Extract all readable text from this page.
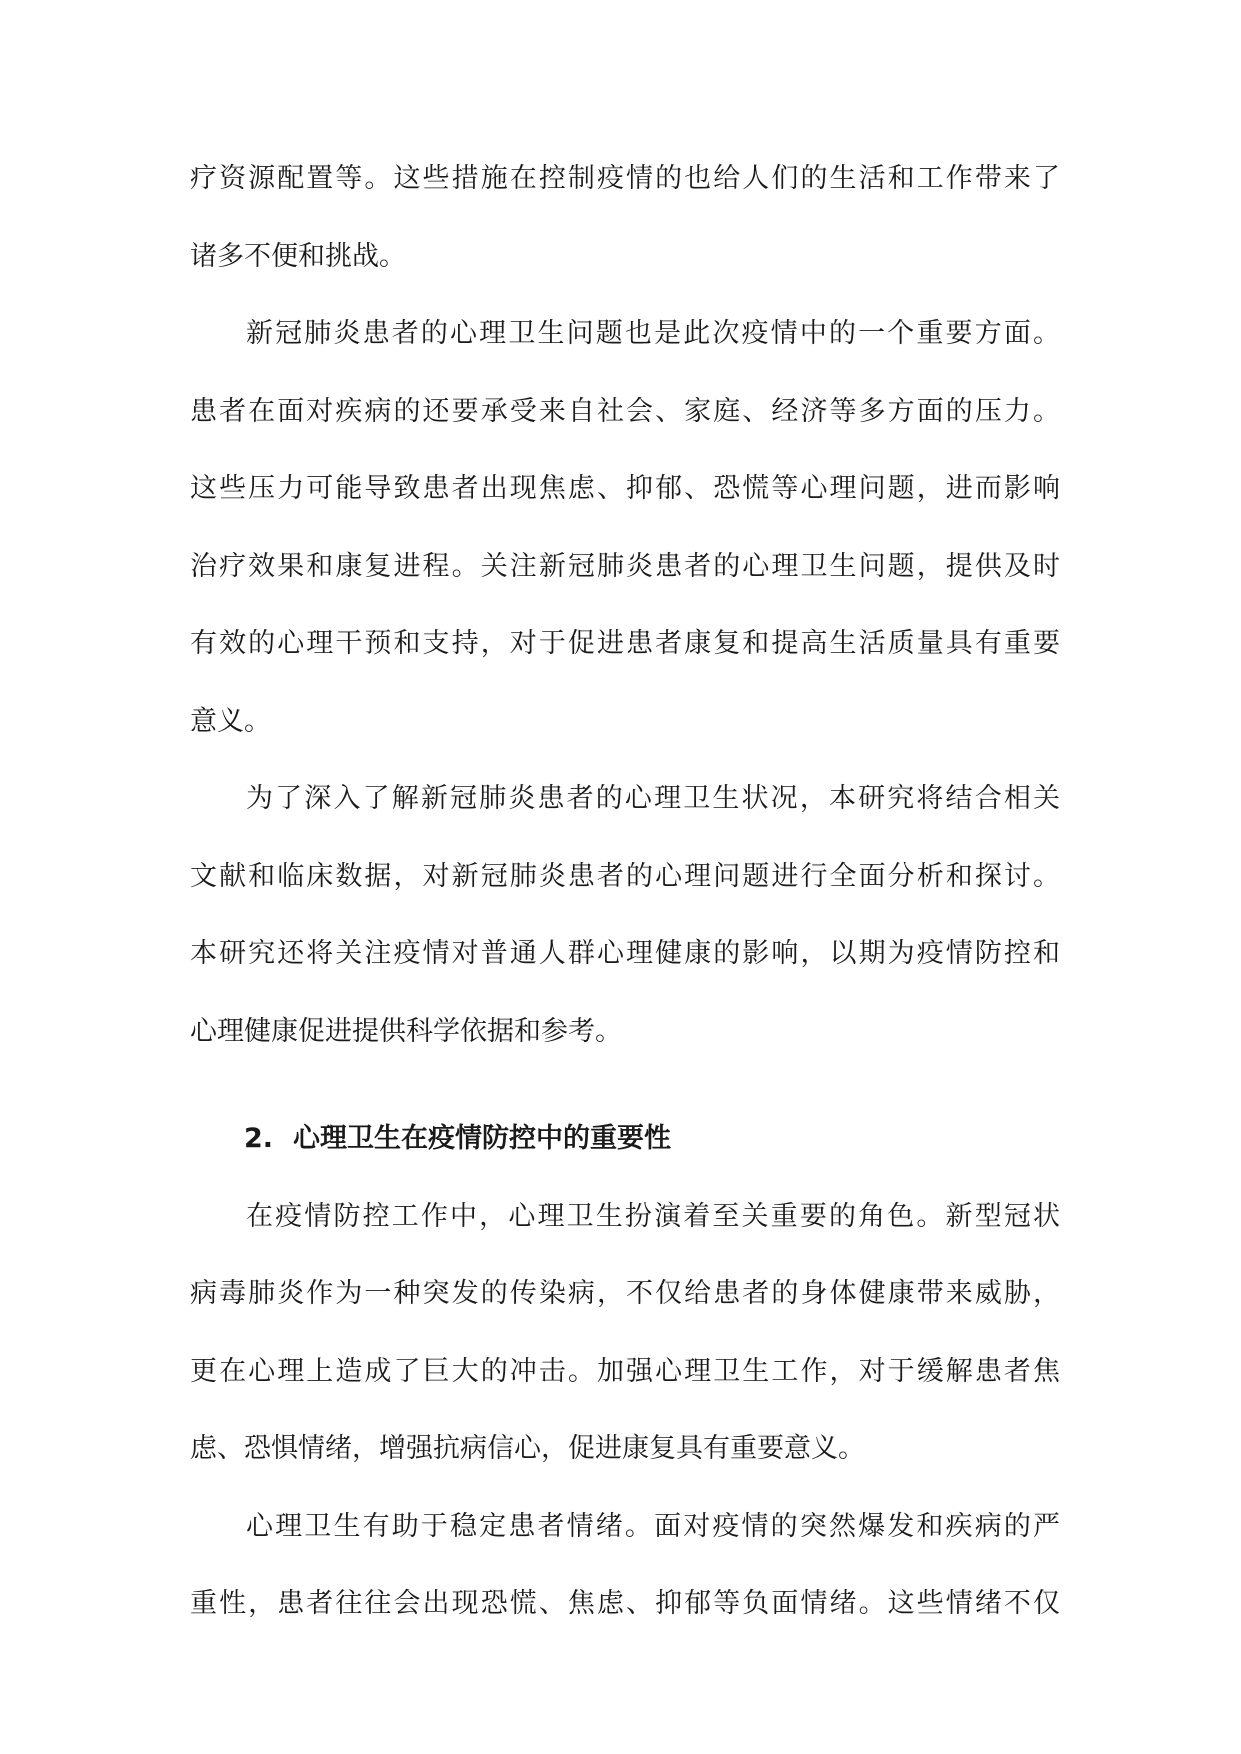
疗资源配置等。这些措施在控制疫情的也给人们的生活和工作带来了
诸多不便和挑战。
新冠肺炎患者的心理卫生问题也是此次疫情中的一个重要方面。
患者在面对疾病的还要承受来自社会、家庭、经济等多方面的压力。
这些压力可能导致患者出现焦虑、抑郁、恐慌等心理问题，进而影响
治疗效果和康复进程。关注新冠肺炎患者的心理卫生问题，提供及时
有效的心理干预和支持，对于促进患者康复和提高生活质量具有重要
意义。
为了深入了解新冠肺炎患者的心理卫生状况，本研究将结合相关
文献和临床数据，对新冠肺炎患者的心理问题进行全面分析和探讨。
本研究还将关注疫情对普通人群心理健康的影响，以期为疫情防控和
心理健康促进提供科学依据和参考。
2. 心理卫生在疫情防控中的重要性
在疫情防控工作中，心理卫生扮演着至关重要的角色。新型冠状
病毒肺炎作为一种突发的传染病，不仅给患者的身体健康带来威胁，
更在心理上造成了巨大的冲击。加强心理卫生工作，对于缓解患者焦
虑、恐惧情绪，增强抗病信心，促进康复具有重要意义。
心理卫生有助于稳定患者情绪。面对疫情的突然爆发和疾病的严
重性，患者往往会出现恐慌、焦虑、抑郁等负面情绪。这些情绪不仅
